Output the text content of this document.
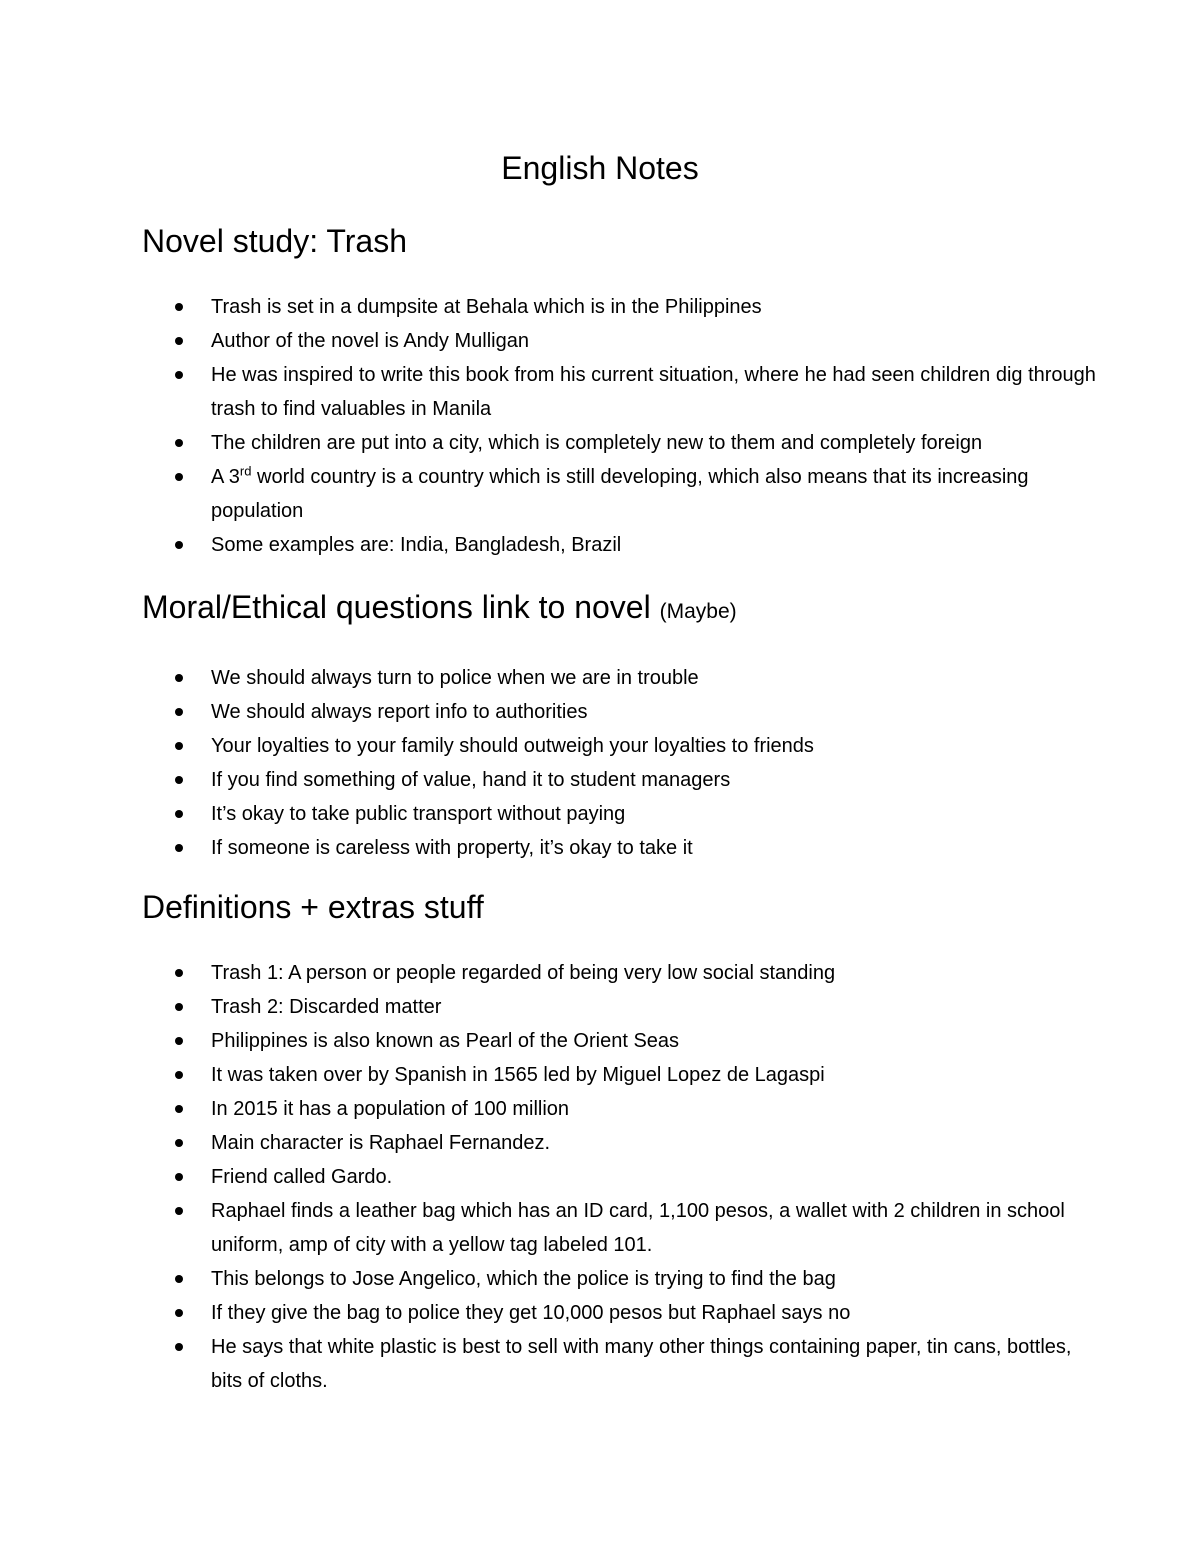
English Notes
Novel study: Trash
Trash is set in a dumpsite at Behala which is in the Philippines
Author of the novel is Andy Mulligan
He was inspired to write this book from his current situation, where he had seen children dig through trash to find valuables in Manila
The children are put into a city, which is completely new to them and completely foreign
A 3rd world country is a country which is still developing, which also means that its increasing population
Some examples are: India, Bangladesh, Brazil
Moral/Ethical questions link to novel (Maybe)
We should always turn to police when we are in trouble
We should always report info to authorities
Your loyalties to your family should outweigh your loyalties to friends
If you find something of value, hand it to student managers
It’s okay to take public transport without paying
If someone is careless with property, it’s okay to take it
Definitions + extras stuff
Trash 1: A person or people regarded of being very low social standing
Trash 2: Discarded matter
Philippines is also known as Pearl of the Orient Seas
It was taken over by Spanish in 1565 led by Miguel Lopez de Lagaspi
In 2015 it has a population of 100 million
Main character is Raphael Fernandez.
Friend called Gardo.
Raphael finds a leather bag which has an ID card, 1,100 pesos, a wallet with 2 children in school uniform, amp of city with a yellow tag labeled 101.
This belongs to Jose Angelico, which the police is trying to find the bag
If they give the bag to police they get 10,000 pesos but Raphael says no
He says that white plastic is best to sell with many other things containing paper, tin cans, bottles, bits of cloths.
